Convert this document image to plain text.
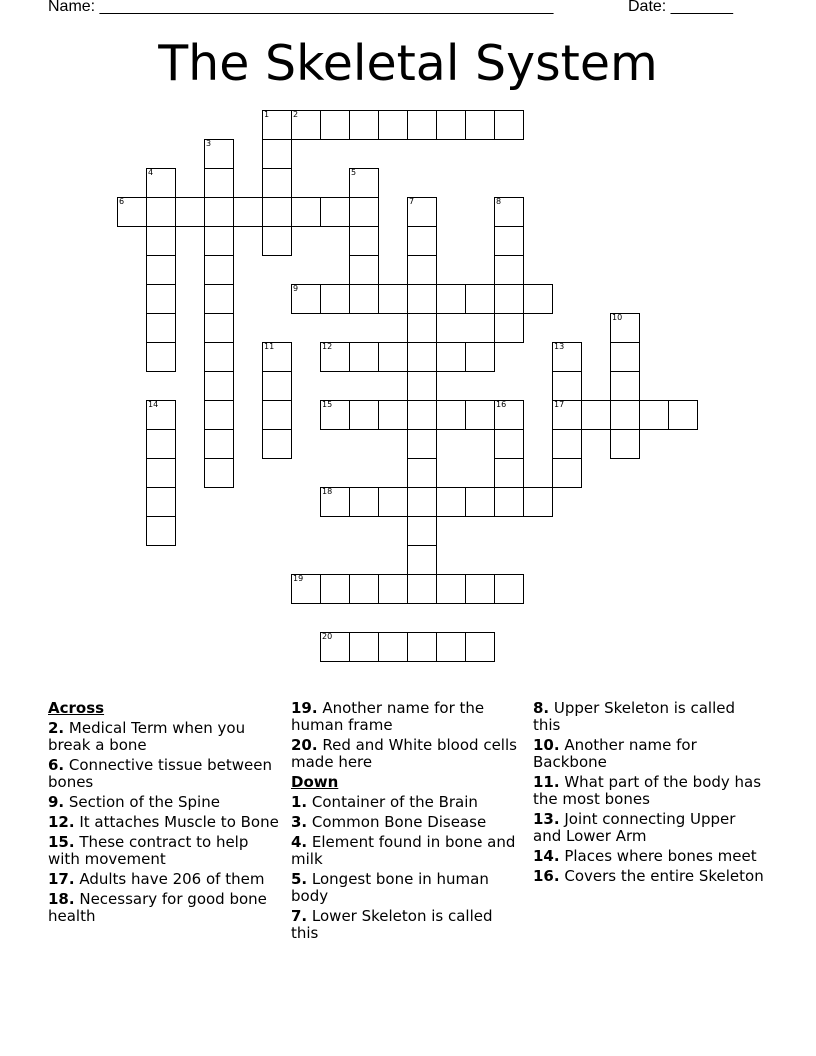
Name: ___________________________________________________	Date: _______
The Skeletal System
1	2
3
4	5
6	7	8
9
10
11	12	13
17
14	15	16
18
19
20
Across
2. Medical Term when you break a bone
6. Connective tissue between bones
9. Section of the Spine
12. It attaches Muscle to Bone
15. These contract to help with movement
17. Adults have 206 of them
18. Necessary for good bone health
19. Another name for the human frame
20. Red and White blood cells made here
Down
1. Container of the Brain
3. Common Bone Disease
4. Element found in bone and milk
5. Longest bone in human body
7. Lower Skeleton is called this
8. Upper Skeleton is called this
10. Another name for Backbone
11. What part of the body has the most bones
13. Joint connecting Upper and Lower Arm
14. Places where bones meet
16. Covers the entire Skeleton
